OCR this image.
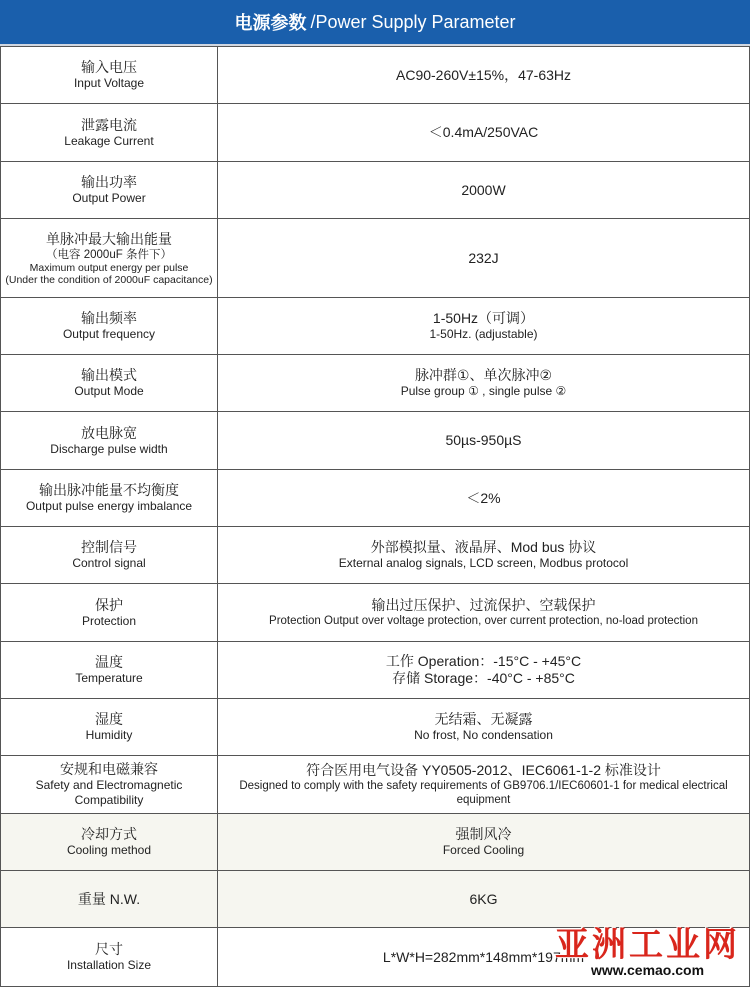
电源参数 /Power Supply Parameter
输入电压
Input Voltage	AC90-260V±15%，47-63Hz

泄露电流
Leakage Current	＜0.4mA/250VAC

输出功率
Output Power	2000W

单脉冲最大输出能量
（电容 2000uF 条件下）
Maximum output energy per pulse
(Under the condition of 2000uF capacitance)	232J

输出频率
Output frequency	1-50Hz（可调）
1-50Hz. (adjustable)

输出模式
Output Mode	脉冲群①、单次脉冲②
Pulse group ① , single pulse ②

放电脉宽
Discharge pulse width	50µs-950µS

输出脉冲能量不均衡度
Output pulse energy imbalance	＜2%

控制信号
Control signal	外部模拟量、液晶屏、Mod bus 协议
External analog signals, LCD screen, Modbus protocol

保护
Protection	输出过压保护、过流保护、空载保护
Protection Output over voltage protection, over current protection, no-load protection

温度
Temperature	工作 Operation：-15°C - +45°C
存储 Storage：-40°C - +85°C

湿度
Humidity	无结霜、无凝露
No frost, No condensation

安规和电磁兼容
Safety and Electromagnetic Compatibility	符合医用电气设备 YY0505-2012、IEC6061-1-2 标准设计
Designed to comply with the safety requirements of GB9706.1/IEC60601-1 for medical electrical equipment

冷却方式
Cooling method	强制风冷
Forced Cooling

重量 N.W.	6KG

尺寸
Installation Size	L*W*H=282mm*148mm*197mm
亚洲工业网
www.cemao.com
